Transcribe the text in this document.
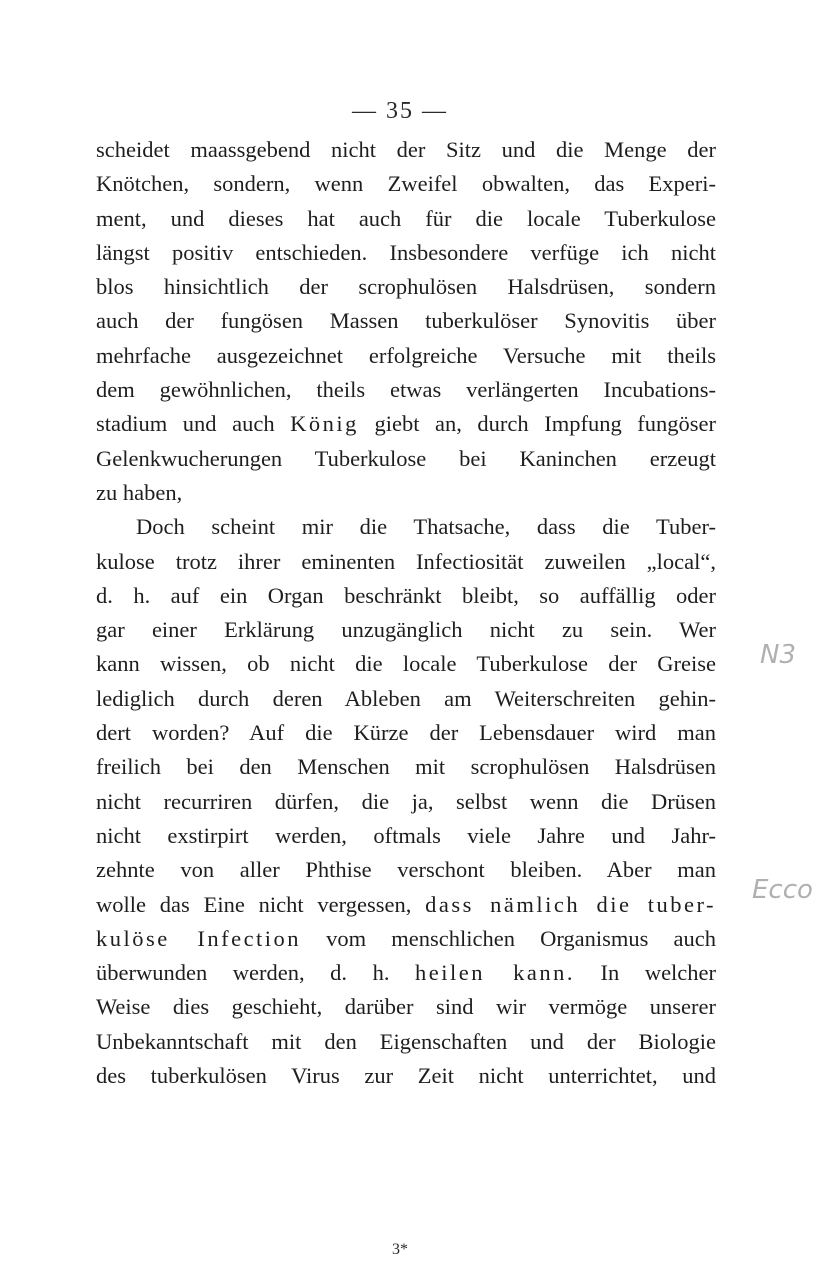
— 35 —
scheidet maassgebend nicht der Sitz und die Menge der
Knötchen, sondern, wenn Zweifel obwalten, das Experi-
ment, und dieses hat auch für die locale Tuberkulose
längst positiv entschieden. Insbesondere verfüge ich nicht
blos hinsichtlich der scrophulösen Halsdrüsen, sondern
auch der fungösen Massen tuberkulöser Synovitis über
mehrfache ausgezeichnet erfolgreiche Versuche mit theils
dem gewöhnlichen, theils etwas verlängerten Incubations-
stadium und auch König giebt an, durch Impfung fungöser
Gelenkwucherungen Tuberkulose bei Kaninchen erzeugt
zu haben,
Doch scheint mir die Thatsache, dass die Tuber-
kulose trotz ihrer eminenten Infectiosität zuweilen „local“,
d. h. auf ein Organ beschränkt bleibt, so auffällig oder
gar einer Erklärung unzugänglich nicht zu sein. Wer
kann wissen, ob nicht die locale Tuberkulose der Greise
lediglich durch deren Ableben am Weiterschreiten gehin-
dert worden? Auf die Kürze der Lebensdauer wird man
freilich bei den Menschen mit scrophulösen Halsdrüsen
nicht recurriren dürfen, die ja, selbst wenn die Drüsen
nicht exstirpirt werden, oftmals viele Jahre und Jahr-
zehnte von aller Phthise verschont bleiben. Aber man
wolle das Eine nicht vergessen, dass nämlich die tuber-
kulöse Infection vom menschlichen Organismus auch
überwunden werden, d. h. heilen kann. In welcher
Weise dies geschieht, darüber sind wir vermöge unserer
Unbekanntschaft mit den Eigenschaften und der Biologie
des tuberkulösen Virus zur Zeit nicht unterrichtet, und
3*
N3
Ecco
